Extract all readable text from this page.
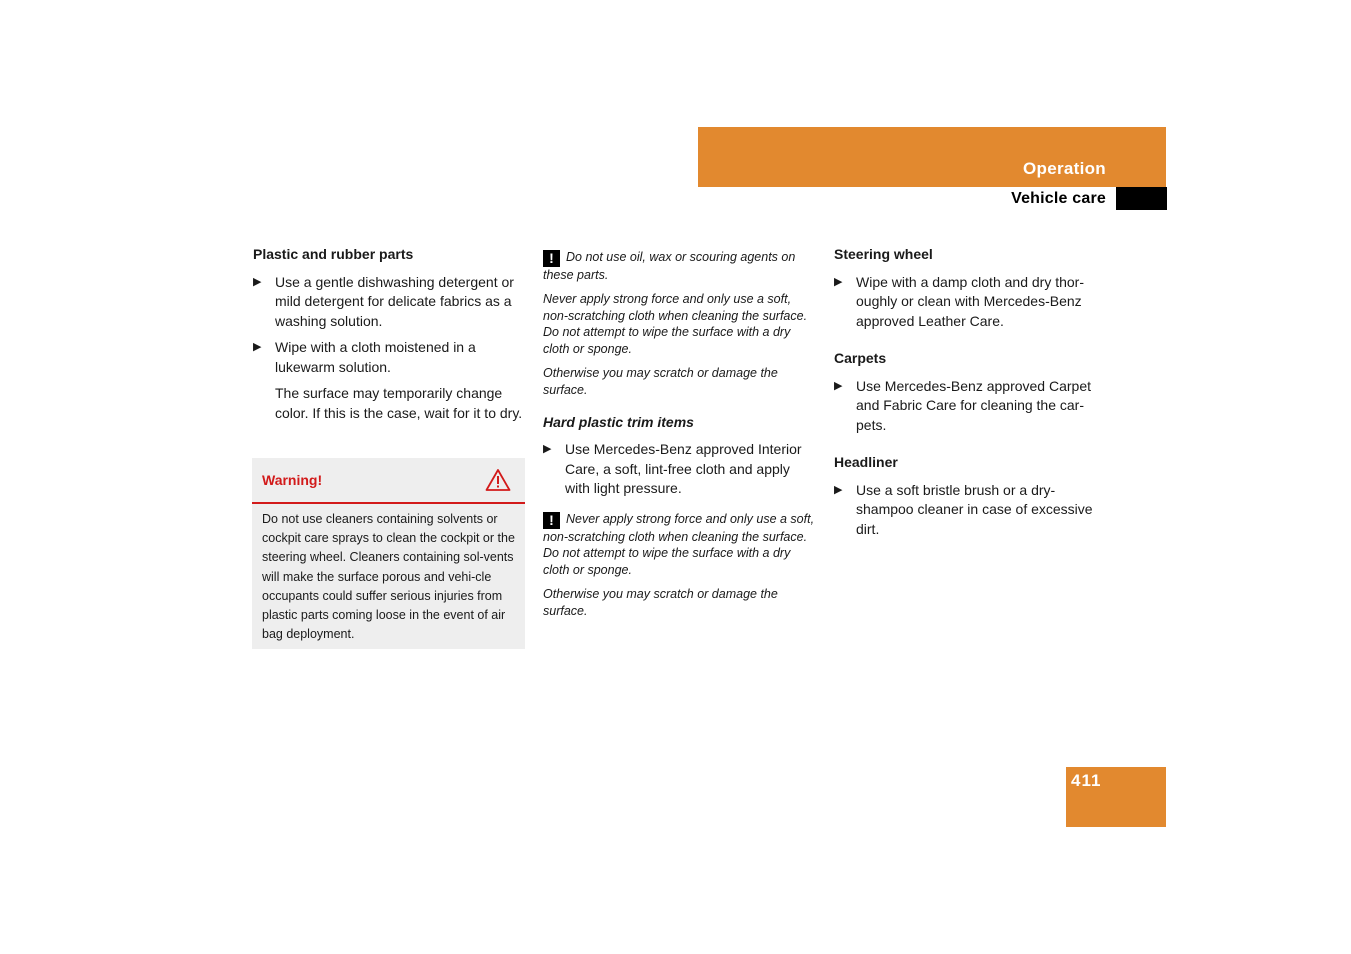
Operation
Vehicle care
Plastic and rubber parts
▶ Use a gentle dishwashing detergent or mild detergent for delicate fabrics as a washing solution.
▶ Wipe with a cloth moistened in a lukewarm solution.
The surface may temporarily change color. If this is the case, wait for it to dry.
Warning!
Do not use cleaners containing solvents or cockpit care sprays to clean the cockpit or the steering wheel. Cleaners containing sol-vents will make the surface porous and vehi-cle occupants could suffer serious injuries from plastic parts coming loose in the event of air bag deployment.

! Do not use oil, wax or scouring agents on these parts.

Never apply strong force and only use a soft, non-scratching cloth when cleaning the surface. Do not attempt to wipe the surface with a dry cloth or sponge.

Otherwise you may scratch or damage the surface.

Hard plastic trim items
▶ Use Mercedes-Benz approved Interior Care, a soft, lint-free cloth and apply with light pressure.

! Never apply strong force and only use a soft, non-scratching cloth when cleaning the surface. Do not attempt to wipe the surface with a dry cloth or sponge.

Otherwise you may scratch or damage the surface.

Steering wheel
▶ Wipe with a damp cloth and dry thor-oughly or clean with Mercedes-Benz approved Leather Care.
Carpets
▶ Use Mercedes-Benz approved Carpet and Fabric Care for cleaning the car-pets.
Headliner
▶ Use a soft bristle brush or a dry-shampoo cleaner in case of excessive dirt.
411
